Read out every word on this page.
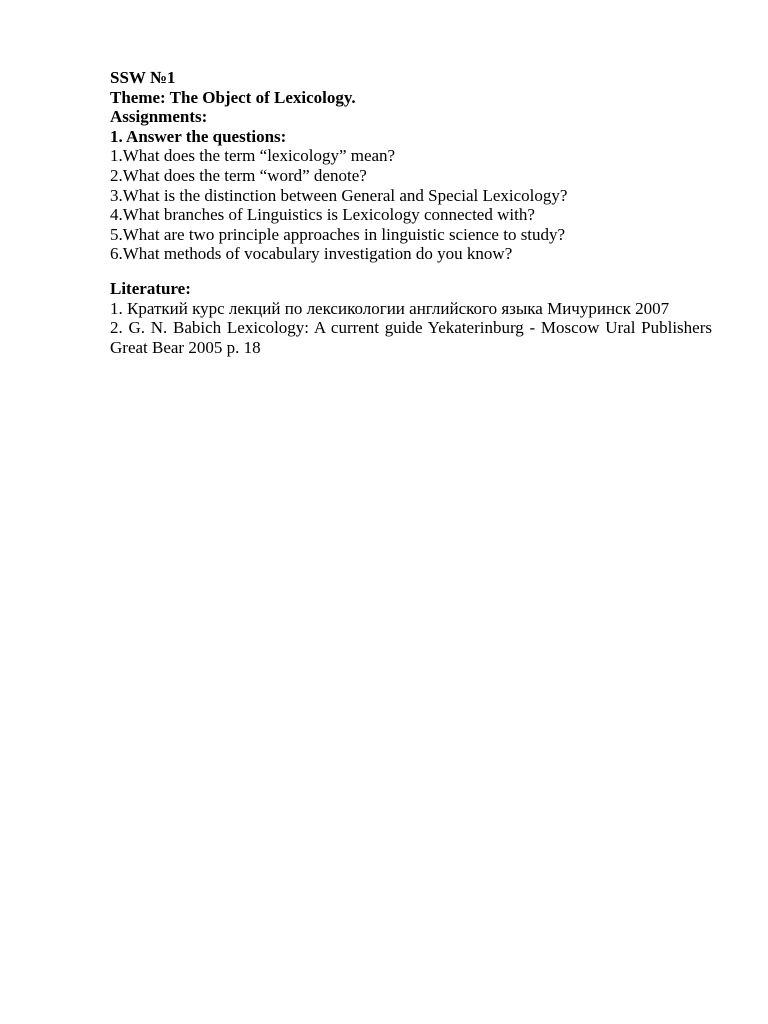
SSW №1
Theme: The Object of Lexicology.
Assignments:
1. Answer the questions:
1.What does the term “lexicology” mean?
2.What does the term “word” denote?
3.What is the distinction between General and Special Lexicology?
4.What branches of Linguistics is Lexicology connected with?
5.What are two principle approaches in linguistic science to study?
6.What methods of vocabulary investigation do you know?
Literature:
1. Краткий курс лекций по лексикологии английского языка Мичуринск 2007
2. G. N. Babich Lexicology: A current guide Yekaterinburg - Moscow Ural Publishers Great Bear 2005 p. 18
